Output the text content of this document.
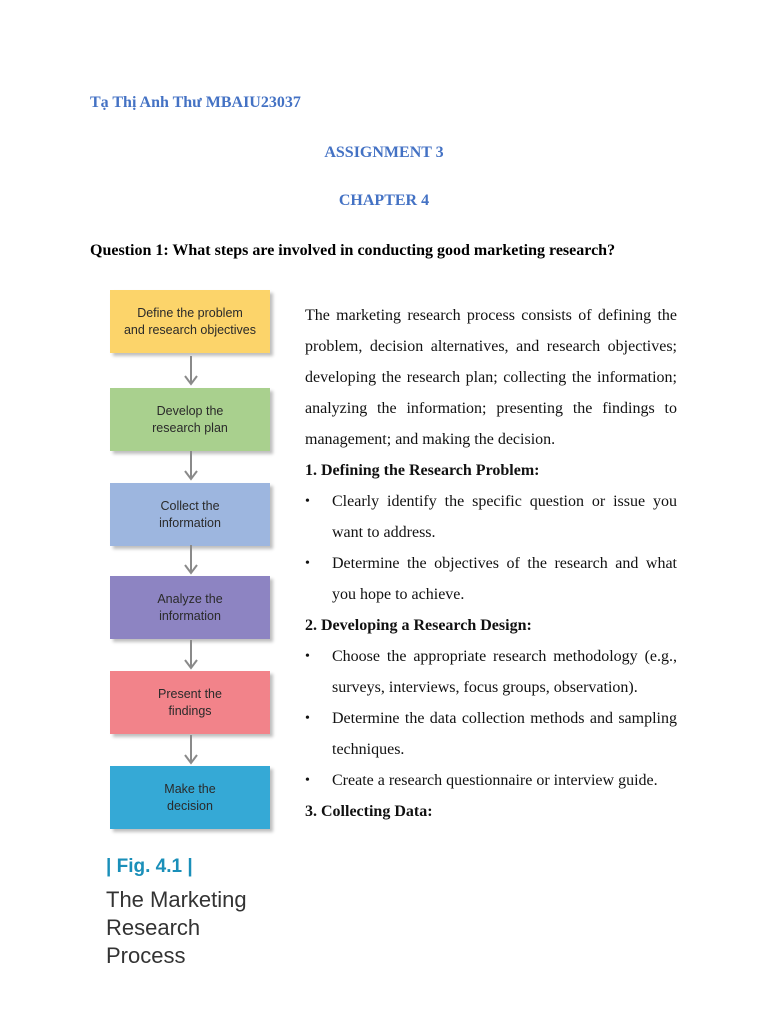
Tạ Thị Anh Thư MBAIU23037
ASSIGNMENT 3
CHAPTER 4
Question 1: What steps are involved in conducting good marketing research?
Define the problem
and research objectives
Develop the
research plan
Collect the
information
Analyze the
information
Present the
findings
Make the
decision
| Fig. 4.1 |
The Marketing
Research
Process

The marketing research process consists of defining the problem, decision alternatives, and research objectives; developing the research plan; collecting the information; analyzing the information; presenting the findings to management; and making the decision.

1. Defining the Research Problem:

• Clearly identify the specific question or issue you want to address.
• Determine the objectives of the research and what you hope to achieve.

2. Developing a Research Design:

• Choose the appropriate research methodology (e.g., surveys, interviews, focus groups, observation).
• Determine the data collection methods and sampling techniques.
• Create a research questionnaire or interview guide.

3. Collecting Data:
